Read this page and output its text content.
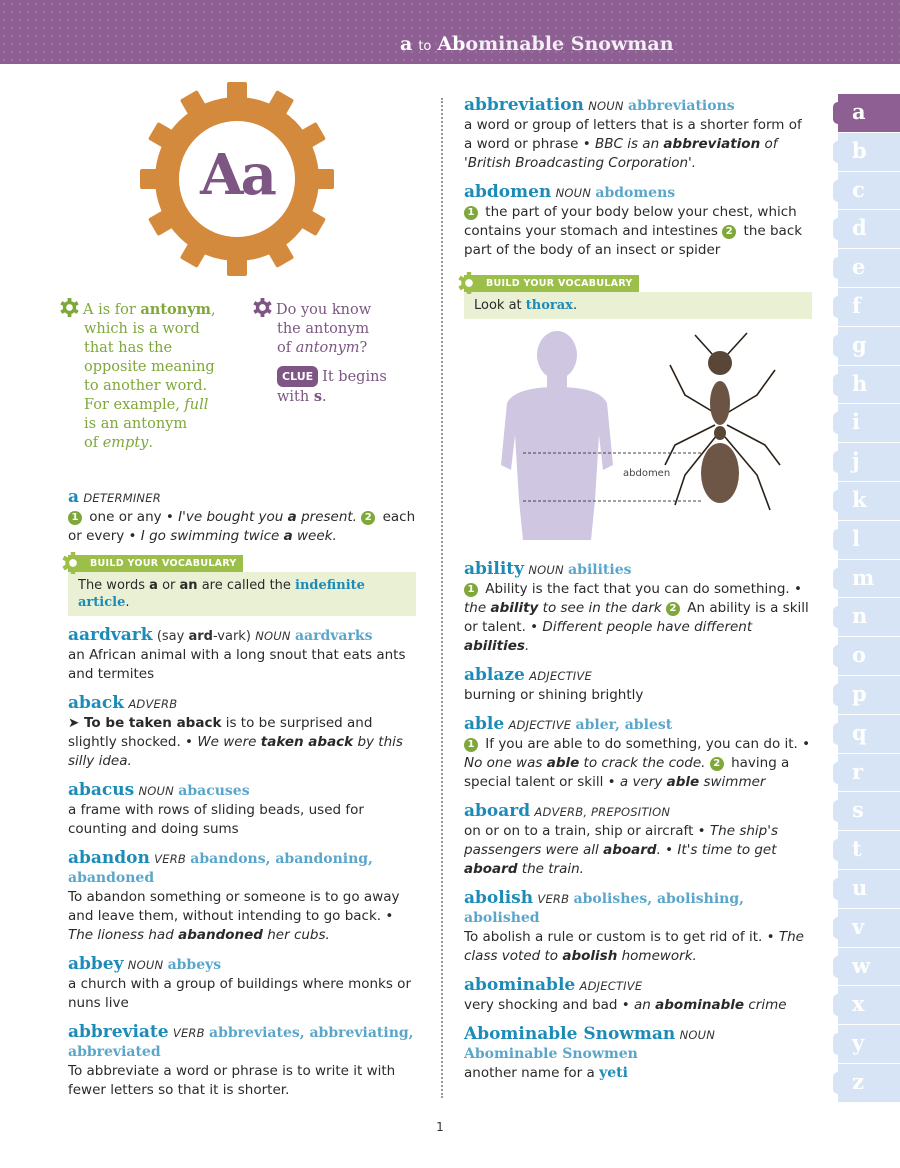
a to Abominable Snowman
Aa
A is for antonym,
which is a word
that has the
opposite meaning
to another word.
For example, full
is an antonym
of empty.
Do you know
the antonym
of antonym?
CLUE It begins
with s.
a DETERMINER
1 one or any • I've bought you a present. 2 each or every • I go swimming twice a week.
aardvark (say ard-vark) NOUN aardvarks
an African animal with a long snout that eats ants and termites
aback ADVERB
➤ To be taken aback is to be surprised and slightly shocked. • We were taken aback by this silly idea.
abacus NOUN abacuses
a frame with rows of sliding beads, used for counting and doing sums
abandon VERB abandons, abandoning, abandoned
To abandon something or someone is to go away and leave them, without intending to go back. • The lioness had abandoned her cubs.
abbey NOUN abbeys
a church with a group of buildings where monks or nuns live
abbreviate VERB abbreviates, abbreviating, abbreviated
To abbreviate a word or phrase is to write it with fewer letters so that it is shorter.
BUILD YOUR VOCABULARY
The words a or an are called the indefinite article.
abbreviation NOUN abbreviations
a word or group of letters that is a shorter form of a word or phrase • BBC is an abbreviation of 'British Broadcasting Corporation'.
abdomen NOUN abdomens
1 the part of your body below your chest, which contains your stomach and intestines 2 the back part of the body of an insect or spider
ability NOUN abilities
1 Ability is the fact that you can do something. • the ability to see in the dark 2 An ability is a skill or talent. • Different people have different abilities.
ablaze ADJECTIVE
burning or shining brightly
able ADJECTIVE abler, ablest
1 If you are able to do something, you can do it. • No one was able to crack the code. 2 having a special talent or skill • a very able swimmer
aboard ADVERB, PREPOSITION
on or on to a train, ship or aircraft • The ship's passengers were all aboard. • It's time to get aboard the train.
abolish VERB abolishes, abolishing, abolished
To abolish a rule or custom is to get rid of it. • The class voted to abolish homework.
abominable ADJECTIVE
very shocking and bad • an abominable crime
Abominable Snowman NOUN
Abominable Snowmen
another name for a yeti
BUILD YOUR VOCABULARY
Look at thorax.
abdomen
a
b
c
d
e
f
g
h
i
j
k
l
m
n
o
p
q
r
s
t
u
v
w
x
y
z
1
